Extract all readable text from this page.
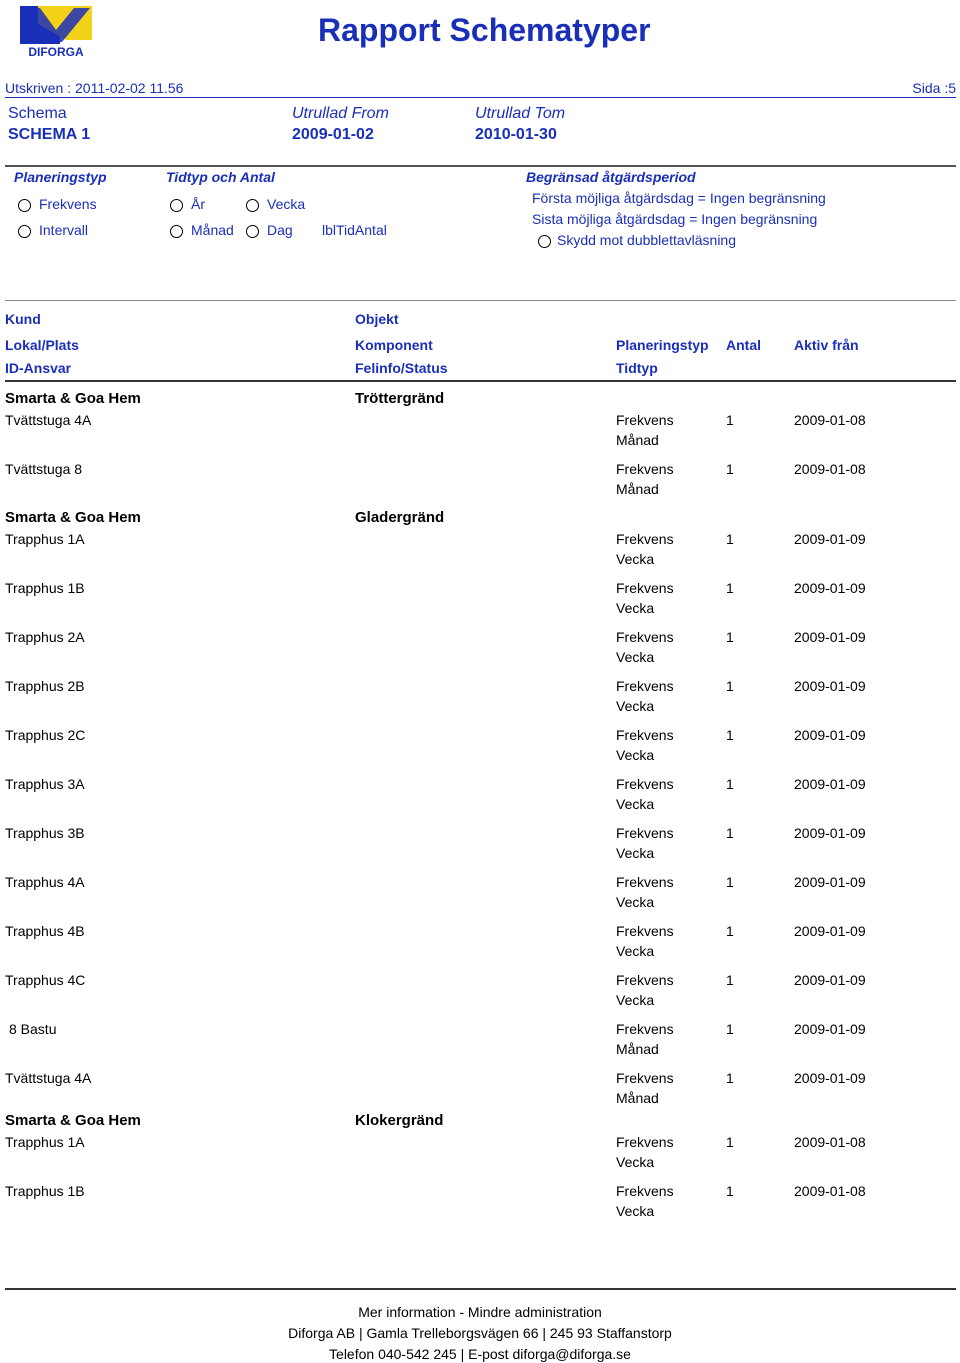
DIFORGA
Rapport Schematyper
Utskriven : 2011-02-02 11.56	Sida :5
Schema
SCHEMA 1
Utrullad From
2009-01-02
Utrullad Tom
2010-01-30
Planeringstyp
Frekvens
Intervall
Tidtyp och Antal
År	Vecka
Månad	Dag lblTidAntal
Begränsad åtgärdsperiod
Första möjliga åtgärdsdag = Ingen begränsning
Sista möjliga åtgärdsdag = Ingen begränsning
Skydd mot dubblettavläsning
Kund	Objekt
Lokal/Plats	Komponent	Planeringstyp Antal Aktiv från
ID-Ansvar	Felinfo/Status	Tidtyp
Smarta & Goa Hem	Tröttergränd
Tvättstuga 4A	Frekvens	1	2009-01-08
Månad
Tvättstuga 8	Frekvens	1	2009-01-08
Månad
Smarta & Goa Hem	Gladergränd
Trapphus 1A	Frekvens	1	2009-01-09
Vecka
Trapphus 1B	Frekvens	1	2009-01-09
Vecka
Trapphus 2A	Frekvens	1	2009-01-09
Vecka
Trapphus 2B	Frekvens	1	2009-01-09
Vecka
Trapphus 2C	Frekvens	1	2009-01-09
Vecka
Trapphus 3A	Frekvens	1	2009-01-09
Vecka
Trapphus 3B	Frekvens	1	2009-01-09
Vecka
Trapphus 4A	Frekvens	1	2009-01-09
Vecka
Trapphus 4B	Frekvens	1	2009-01-09
Vecka
Trapphus 4C	Frekvens	1	2009-01-09
Vecka
8 Bastu	Frekvens	1	2009-01-09
Månad
Tvättstuga 4A	Frekvens	1	2009-01-09
Månad
Smarta & Goa Hem	Klokergränd
Trapphus 1A	Frekvens	1	2009-01-08
Vecka
Trapphus 1B	Frekvens	1	2009-01-08
Vecka
Mer information - Mindre administration
Diforga AB | Gamla Trelleborgsvägen 66 | 245 93 Staffanstorp
Telefon 040-542 245 | E-post diforga@diforga.se
